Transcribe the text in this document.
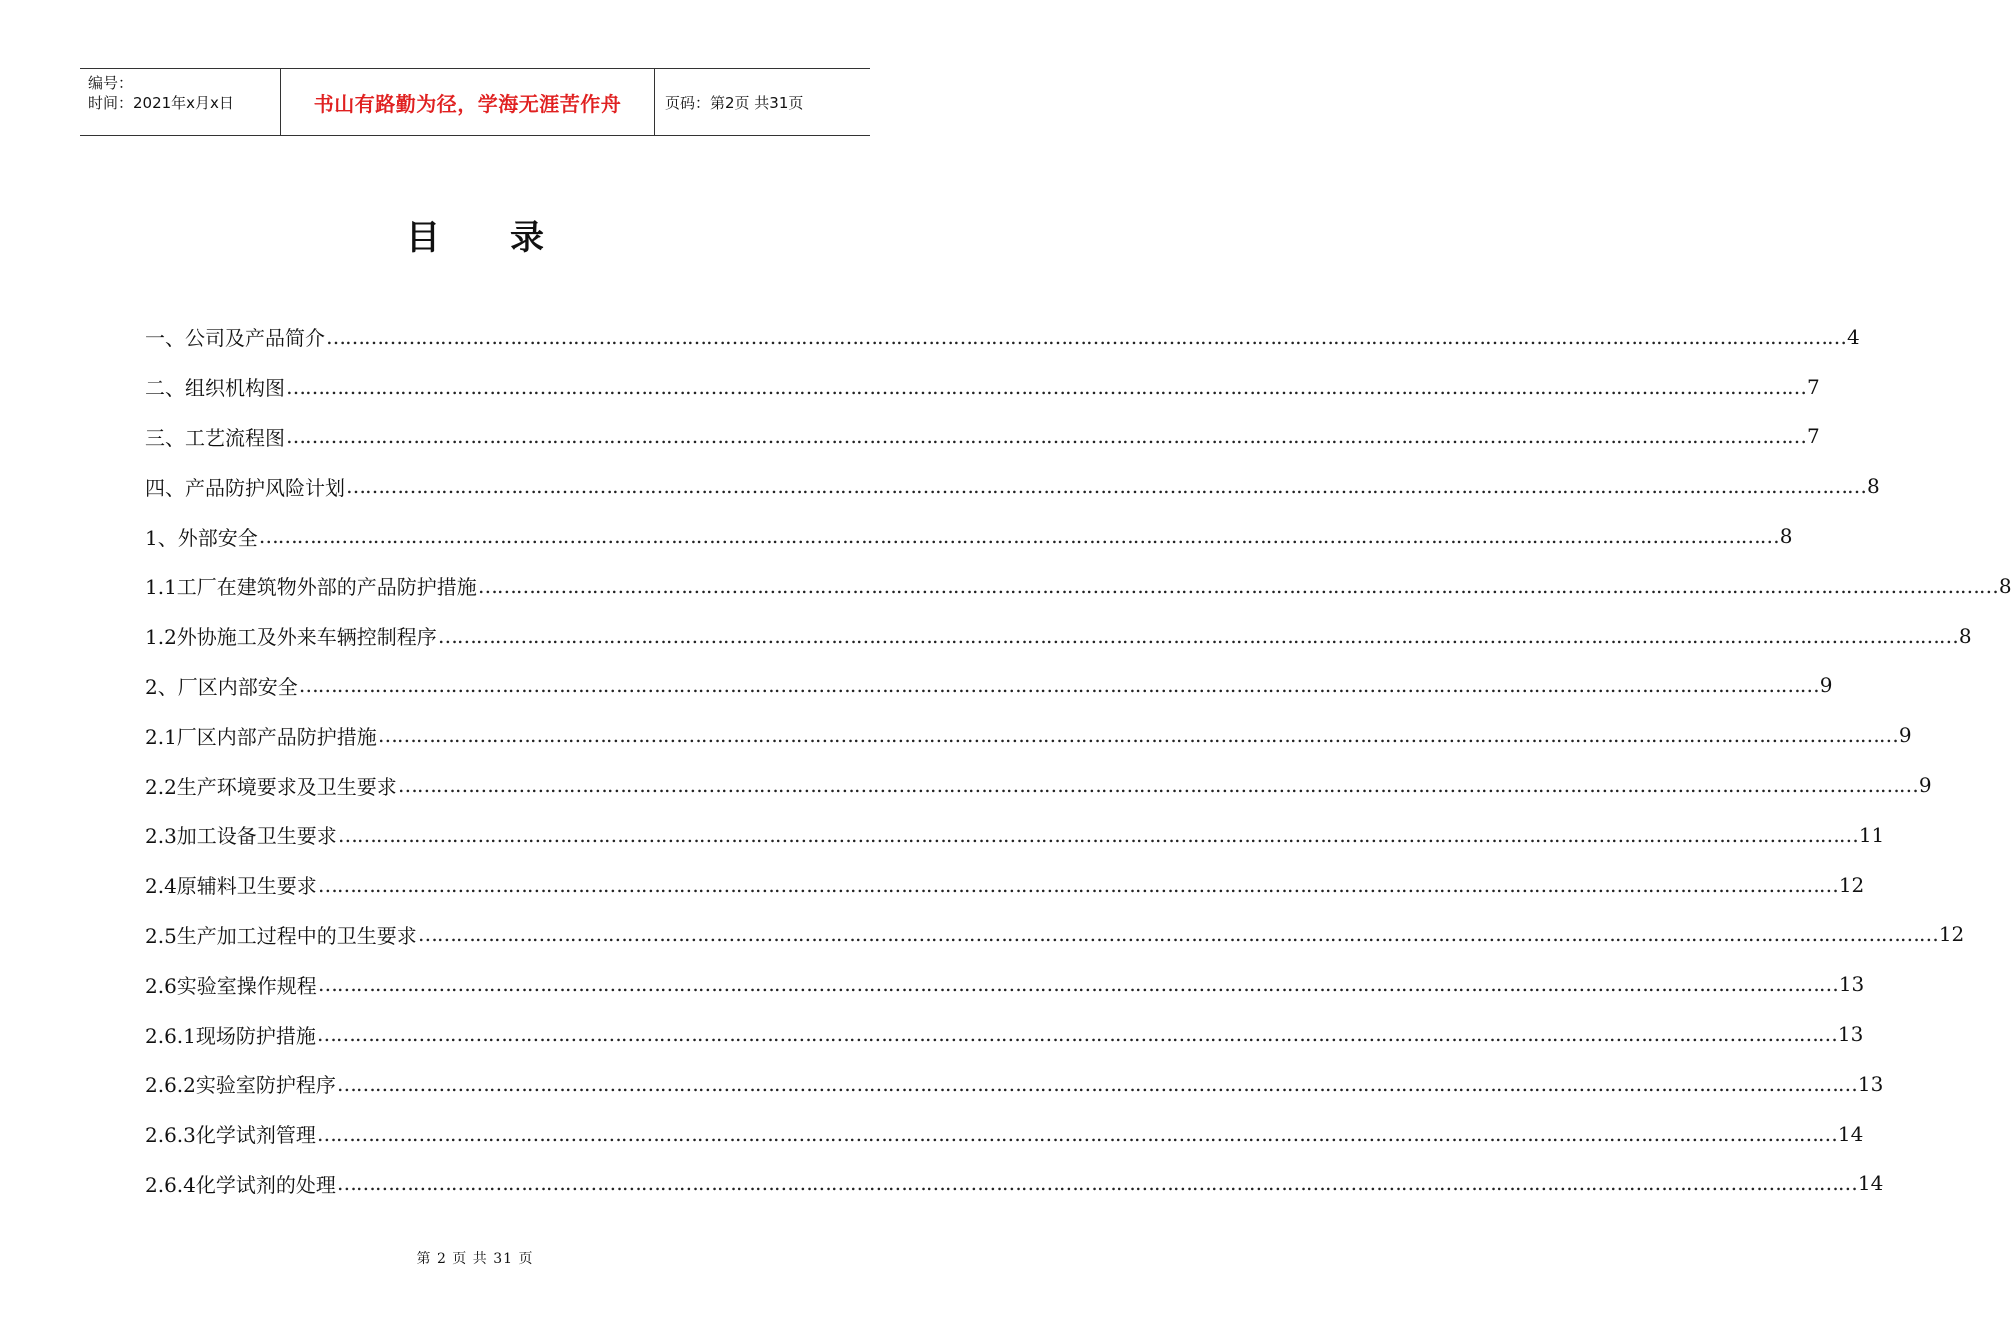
编号：
时间：2021年x月x日	书山有路勤为径，学海无涯苦作舟	页码：第2页 共31页
目 录
一、公司及产品简介 …………………………………………………………………………………………………………………………………………………………………………………………………………………… 4
二、组织机构图 …………………………………………………………………………………………………………………………………………………………………………………………………………………… 7
三、工艺流程图 …………………………………………………………………………………………………………………………………………………………………………………………………………………… 7
四、产品防护风险计划 …………………………………………………………………………………………………………………………………………………………………………………………………………………… 8
1、外部安全 …………………………………………………………………………………………………………………………………………………………………………………………………………………… 8
1.1工厂在建筑物外部的产品防护措施 …………………………………………………………………………………………………………………………………………………………………………………………………………………… 8
1.2外协施工及外来车辆控制程序 …………………………………………………………………………………………………………………………………………………………………………………………………………………… 8
2、厂区内部安全 …………………………………………………………………………………………………………………………………………………………………………………………………………………… 9
2.1厂区内部产品防护措施 …………………………………………………………………………………………………………………………………………………………………………………………………………………… 9
2.2生产环境要求及卫生要求 …………………………………………………………………………………………………………………………………………………………………………………………………………………… 9
2.3加工设备卫生要求 …………………………………………………………………………………………………………………………………………………………………………………………………………………… 11
2.4原辅料卫生要求 …………………………………………………………………………………………………………………………………………………………………………………………………………………… 12
2.5生产加工过程中的卫生要求 …………………………………………………………………………………………………………………………………………………………………………………………………………………… 12
2.6实验室操作规程 …………………………………………………………………………………………………………………………………………………………………………………………………………………… 13
2.6.1现场防护措施 …………………………………………………………………………………………………………………………………………………………………………………………………………………… 13
2.6.2实验室防护程序 …………………………………………………………………………………………………………………………………………………………………………………………………………………… 13
2.6.3化学试剂管理 …………………………………………………………………………………………………………………………………………………………………………………………………………………… 14
2.6.4化学试剂的处理 …………………………………………………………………………………………………………………………………………………………………………………………………………………… 14
第 2 页 共 31 页
